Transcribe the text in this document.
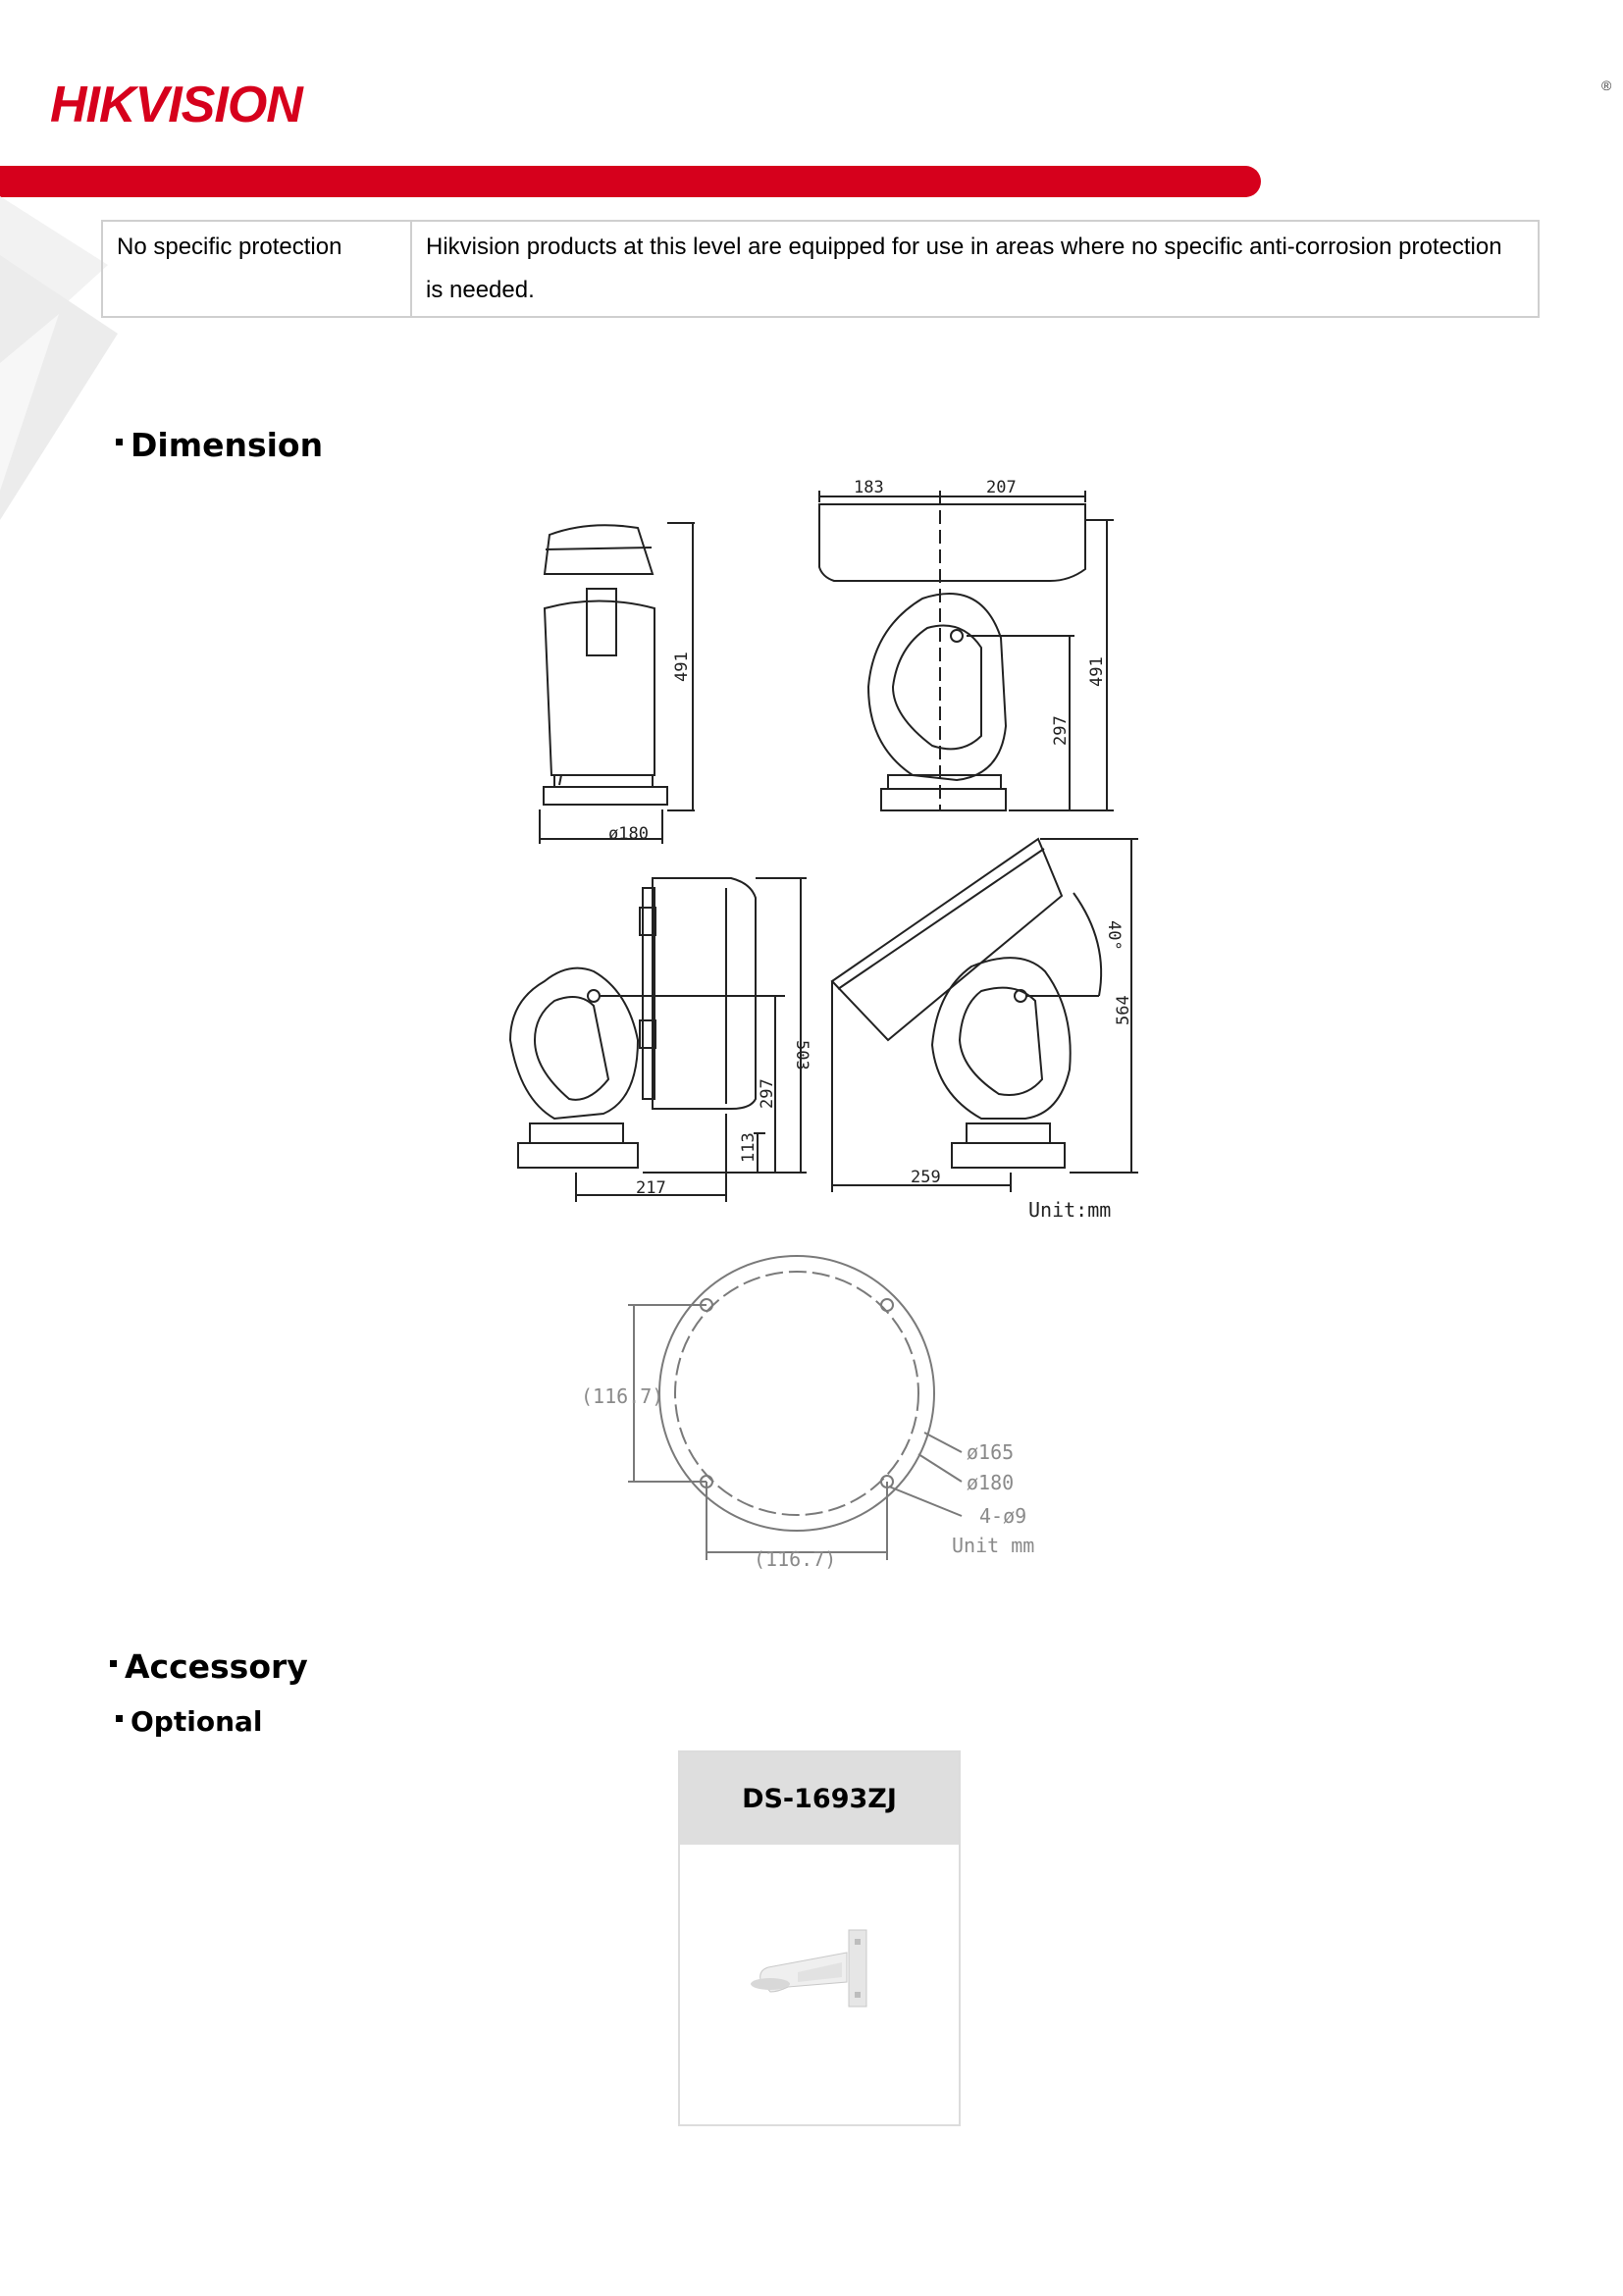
HIKVISION	®
No specific protection	Hikvision products at this level are equipped for use in areas where no specific anti-corrosion protection is needed.
Dimension
ø180
491
183	207
491
297
503
297
113
217
40°
564
259
Unit:mm
(116.7)
(116.7)
ø165
ø180
4-ø9
Unit mm
Accessory
Optional
DS-1693ZJ
